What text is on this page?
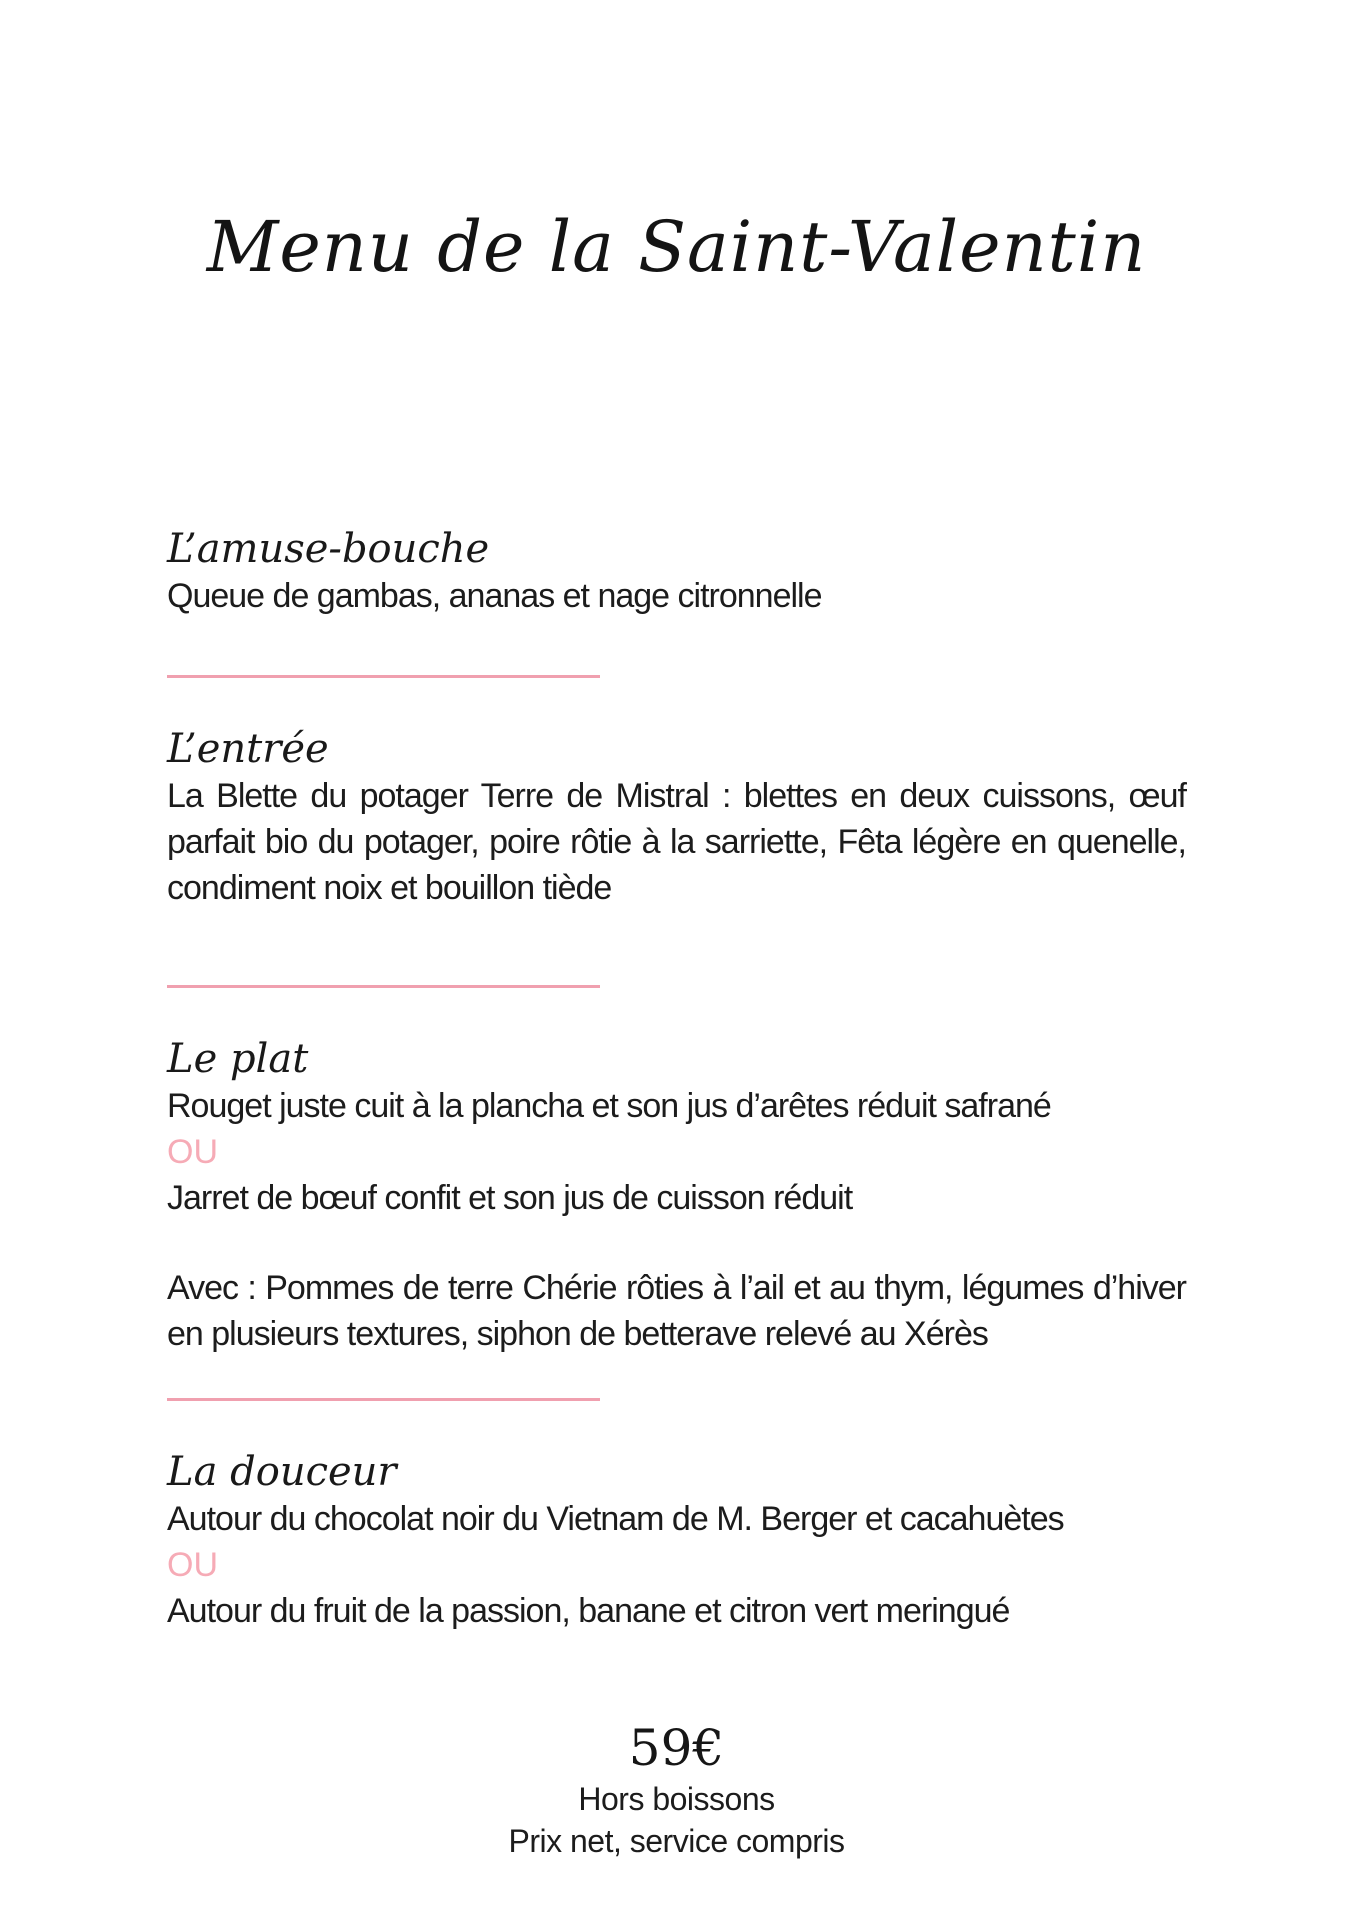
Menu de la Saint-Valentin
L’amuse-bouche

Queue de gambas, ananas et nage citronnelle

L’entrée

La Blette du potager Terre de Mistral : blettes en deux cuissons, œuf parfait bio du potager, poire rôtie à la sarriette, Fêta légère en quenelle, condiment noix et bouillon tiède

Le plat

Rouget juste cuit à la plancha et son jus d’arêtes réduit safrané

OU

Jarret de bœuf confit et son jus de cuisson réduit

Avec : Pommes de terre Chérie rôties à l’ail et au thym, légumes d’hiver en plusieurs textures, siphon de betterave relevé au Xérès

La douceur

Autour du chocolat noir du Vietnam de M. Berger et cacahuètes

OU

Autour du fruit de la passion, banane et citron vert meringué

59€

Hors boissons

Prix net, service compris
